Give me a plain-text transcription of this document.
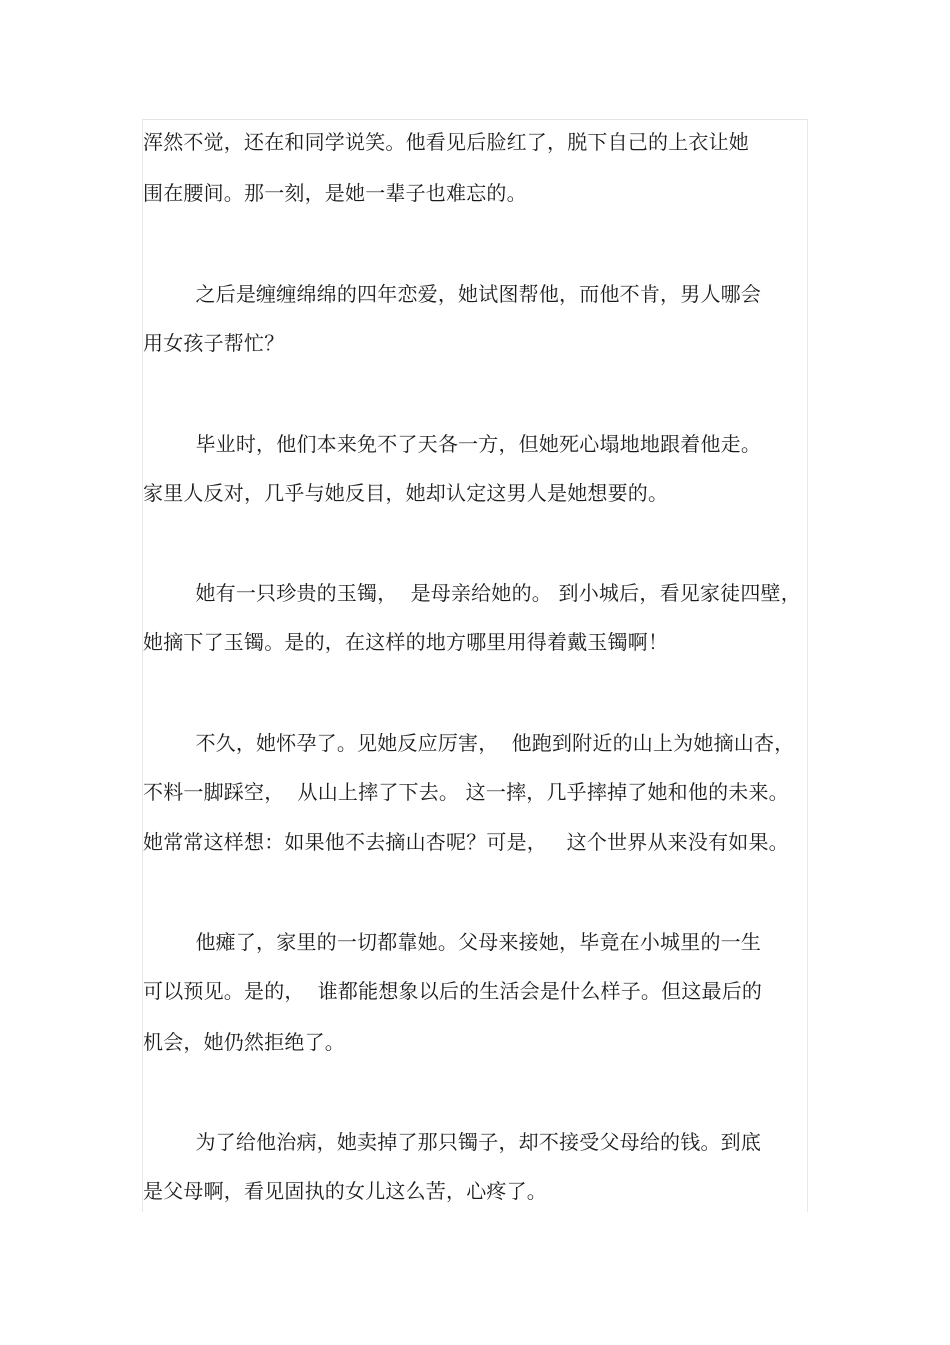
浑然不觉，还在和同学说笑。他看见后脸红了，脱下自己的上衣让她
围在腰间。那一刻，是她一辈子也难忘的。
之后是缠缠绵绵的四年恋爱，她试图帮他，而他不肯，男人哪会
用女孩子帮忙？
毕业时，他们本来免不了天各一方，但她死心塌地地跟着他走。
家里人反对，几乎与她反目，她却认定这男人是她想要的。
她有一只珍贵的玉镯，  是母亲给她的。 到小城后，看见家徒四壁，
她摘下了玉镯。是的，在这样的地方哪里用得着戴玉镯啊！
不久，她怀孕了。见她反应厉害，  他跑到附近的山上为她摘山杏，
不料一脚踩空，  从山上摔了下去。 这一摔，几乎摔掉了她和他的未来。
她常常这样想：如果他不去摘山杏呢？可是，   这个世界从来没有如果。
他瘫了，家里的一切都靠她。父母来接她，毕竟在小城里的一生
可以预见。是的，  谁都能想象以后的生活会是什么样子。但这最后的
机会，她仍然拒绝了。
为了给他治病，她卖掉了那只镯子，却不接受父母给的钱。到底
是父母啊，看见固执的女儿这么苦，心疼了。
